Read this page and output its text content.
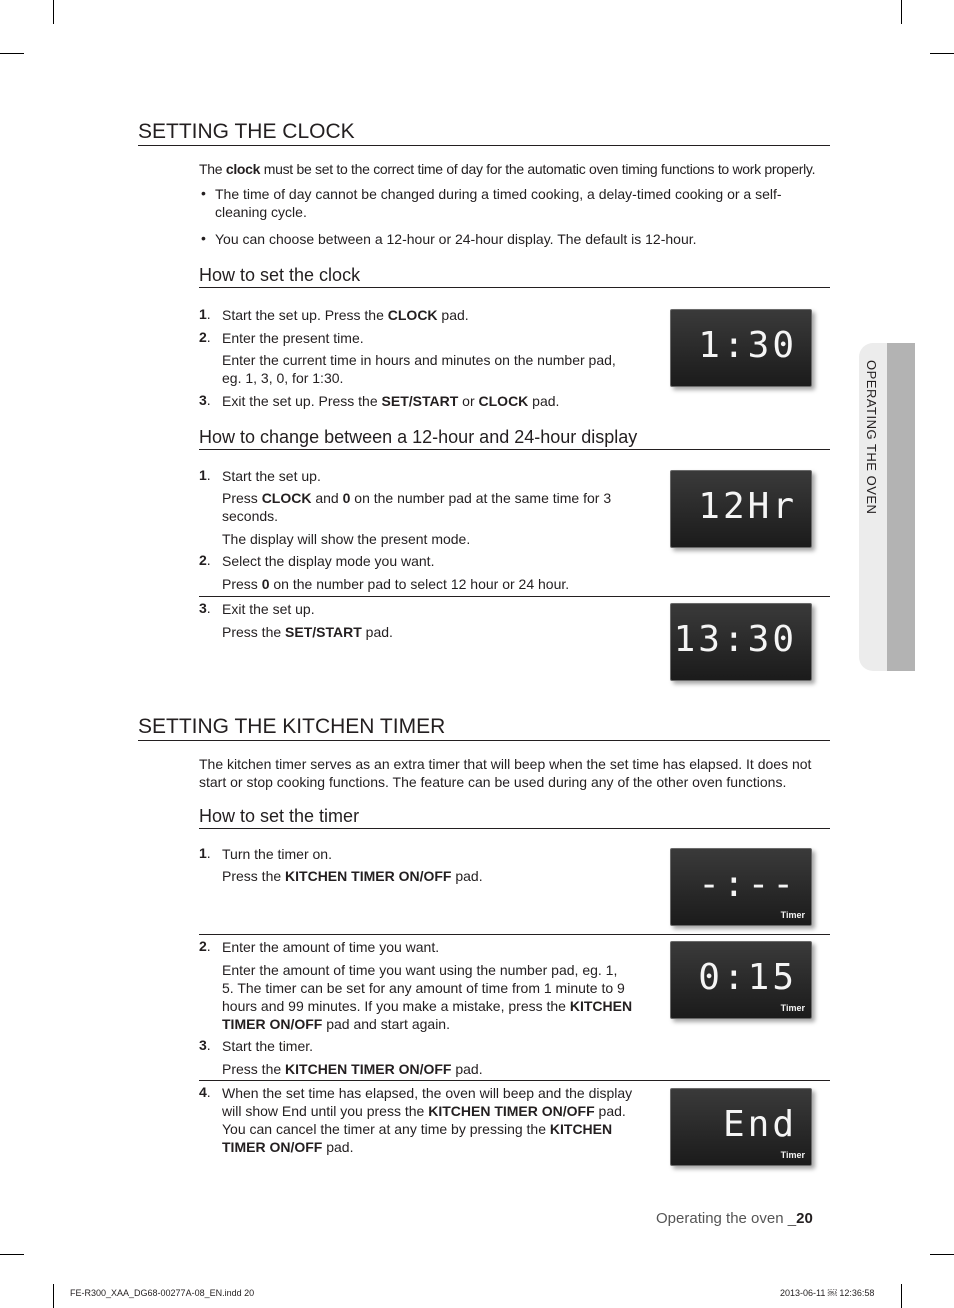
SETTING THE CLOCK

The clock must be set to the correct time of day for the automatic oven timing functions to work properly.

• The time of day cannot be changed during a timed cooking, a delay-timed cooking or a self-

cleaning cycle.

• You can choose between a 12-hour or 24-hour display. The default is 12-hour.

How to set the clock
1. Start the set up. Press the CLOCK pad.

2. Enter the present time.

Enter the current time in hours and minutes on the number pad,

eg. 1, 3, 0, for 1:30.

3. Exit the set up. Press the SET/START or CLOCK pad.

1:30
How to change between a 12-hour and 24-hour display
1. Start the set up.

Press CLOCK and 0 on the number pad at the same time for 3

seconds.

The display will show the present mode.

2. Select the display mode you want.

Press 0 on the number pad to select 12 hour or 24 hour.

3. Exit the set up.

Press the SET/START pad.

12Hr
13:30
SETTING THE KITCHEN TIMER

The kitchen timer serves as an extra timer that will beep when the set time has elapsed. It does not

start or stop cooking functions. The feature can be used during any of the other oven functions.

How to set the timer
1. Turn the timer on.

Press the KITCHEN TIMER ON/OFF pad.	-:--
Timer
2. Enter the amount of time you want.

Enter the amount of time you want using the number pad, eg. 1,

5. The timer can be set for any amount of time from 1 minute to 9

hours and 99 minutes. If you make a mistake, press the KITCHEN

TIMER ON/OFF pad and start again.

3. Start the timer.

Press the KITCHEN TIMER ON/OFF pad.

0:15
Timer
4. When the set time has elapsed, the oven will beep and the display

will show End until you press the KITCHEN TIMER ON/OFF pad.

You can cancel the timer at any time by pressing the KITCHEN

TIMER ON/OFF pad.

End
Timer
OPERATING THE OVEN
Operating the oven _20
FE-R300_XAA_DG68-00277A-08_EN.indd 20	2013-06-11 ￼ 12:36:58
